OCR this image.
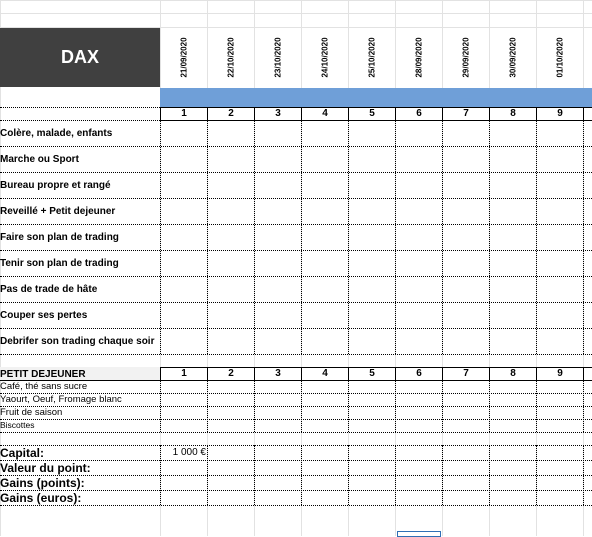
DAX	21/09/2020	22/10/2020	23/10/2020	24/10/2020	25/10/2020	28/09/2020	29/09/2020	30/09/2020	01/10/2020
1	2	3	4	5	6	7	8	9
Colère, malade, enfants
Marche ou Sport
Bureau propre et rangé
Reveillé + Petit dejeuner
Faire son plan de trading
Tenir son plan de trading
Pas de trade de hâte
Couper ses pertes
Debrifer son trading chaque soir
PETIT DEJEUNER	1	2	3	4	5	6	7	8	9
Café, thé sans sucre
Yaourt, Oeuf, Fromage blanc
Fruit de saison
Biscottes
Capital:	1 000 €
Valeur du point:
Gains (points):
Gains (euros):
